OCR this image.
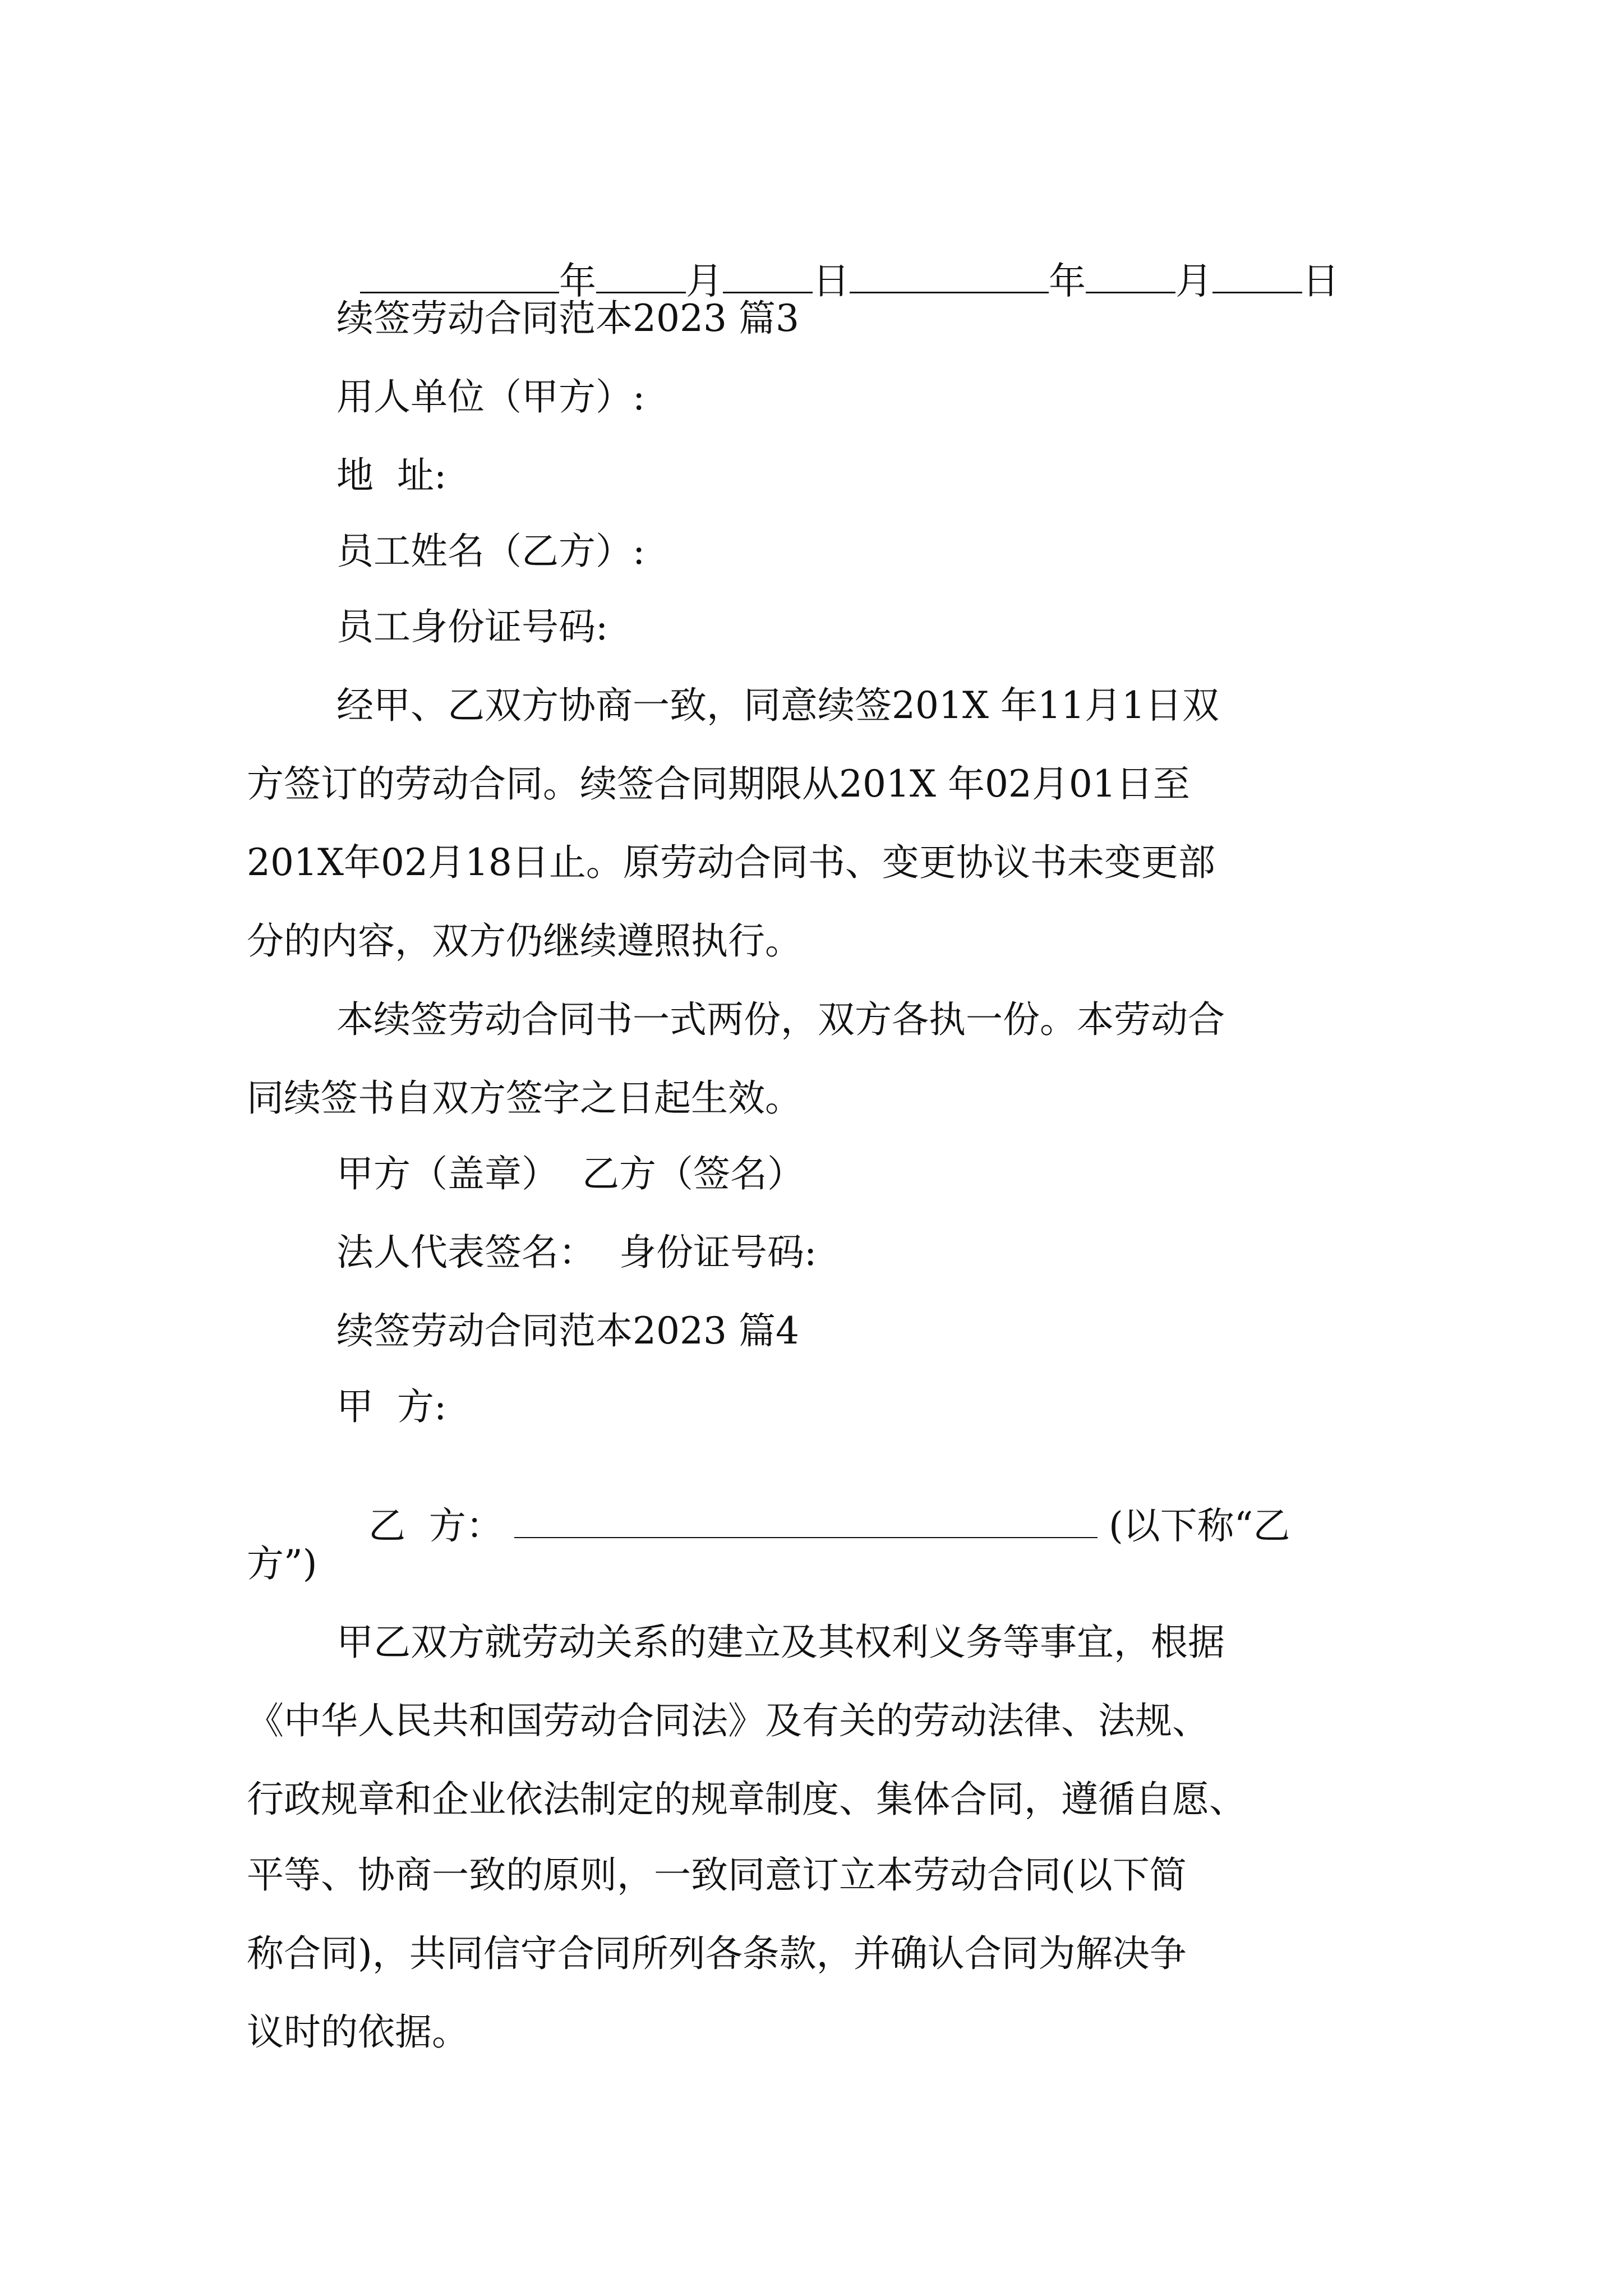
年 月 日	年 月 日

续签劳动合同范本2023 篇3
用人单位（甲方）:
地  址:
员工姓名（乙方）:
员工身份证号码:
经甲、乙双方协商一致，同意续签201X 年11月1日双
方签订的劳动合同。续签合同期限从201X 年02月01日至
201X年02月18日止。原劳动合同书、变更协议书未变更部
分的内容，双方仍继续遵照执行。
本续签劳动合同书一式两份，双方各执一份。本劳动合
同续签书自双方签字之日起生效。
甲方（盖章）  乙方（签名）
法人代表签名：  身份证号码:
续签劳动合同范本2023 篇4
甲  方:

乙  方：	(以下称“乙

方”)
甲乙双方就劳动关系的建立及其权利义务等事宜，根据
《中华人民共和国劳动合同法》及有关的劳动法律、法规、
行政规章和企业依法制定的规章制度、集体合同，遵循自愿、
平等、协商一致的原则，一致同意订立本劳动合同(以下简
称合同)，共同信守合同所列各条款，并确认合同为解决争
议时的依据。
